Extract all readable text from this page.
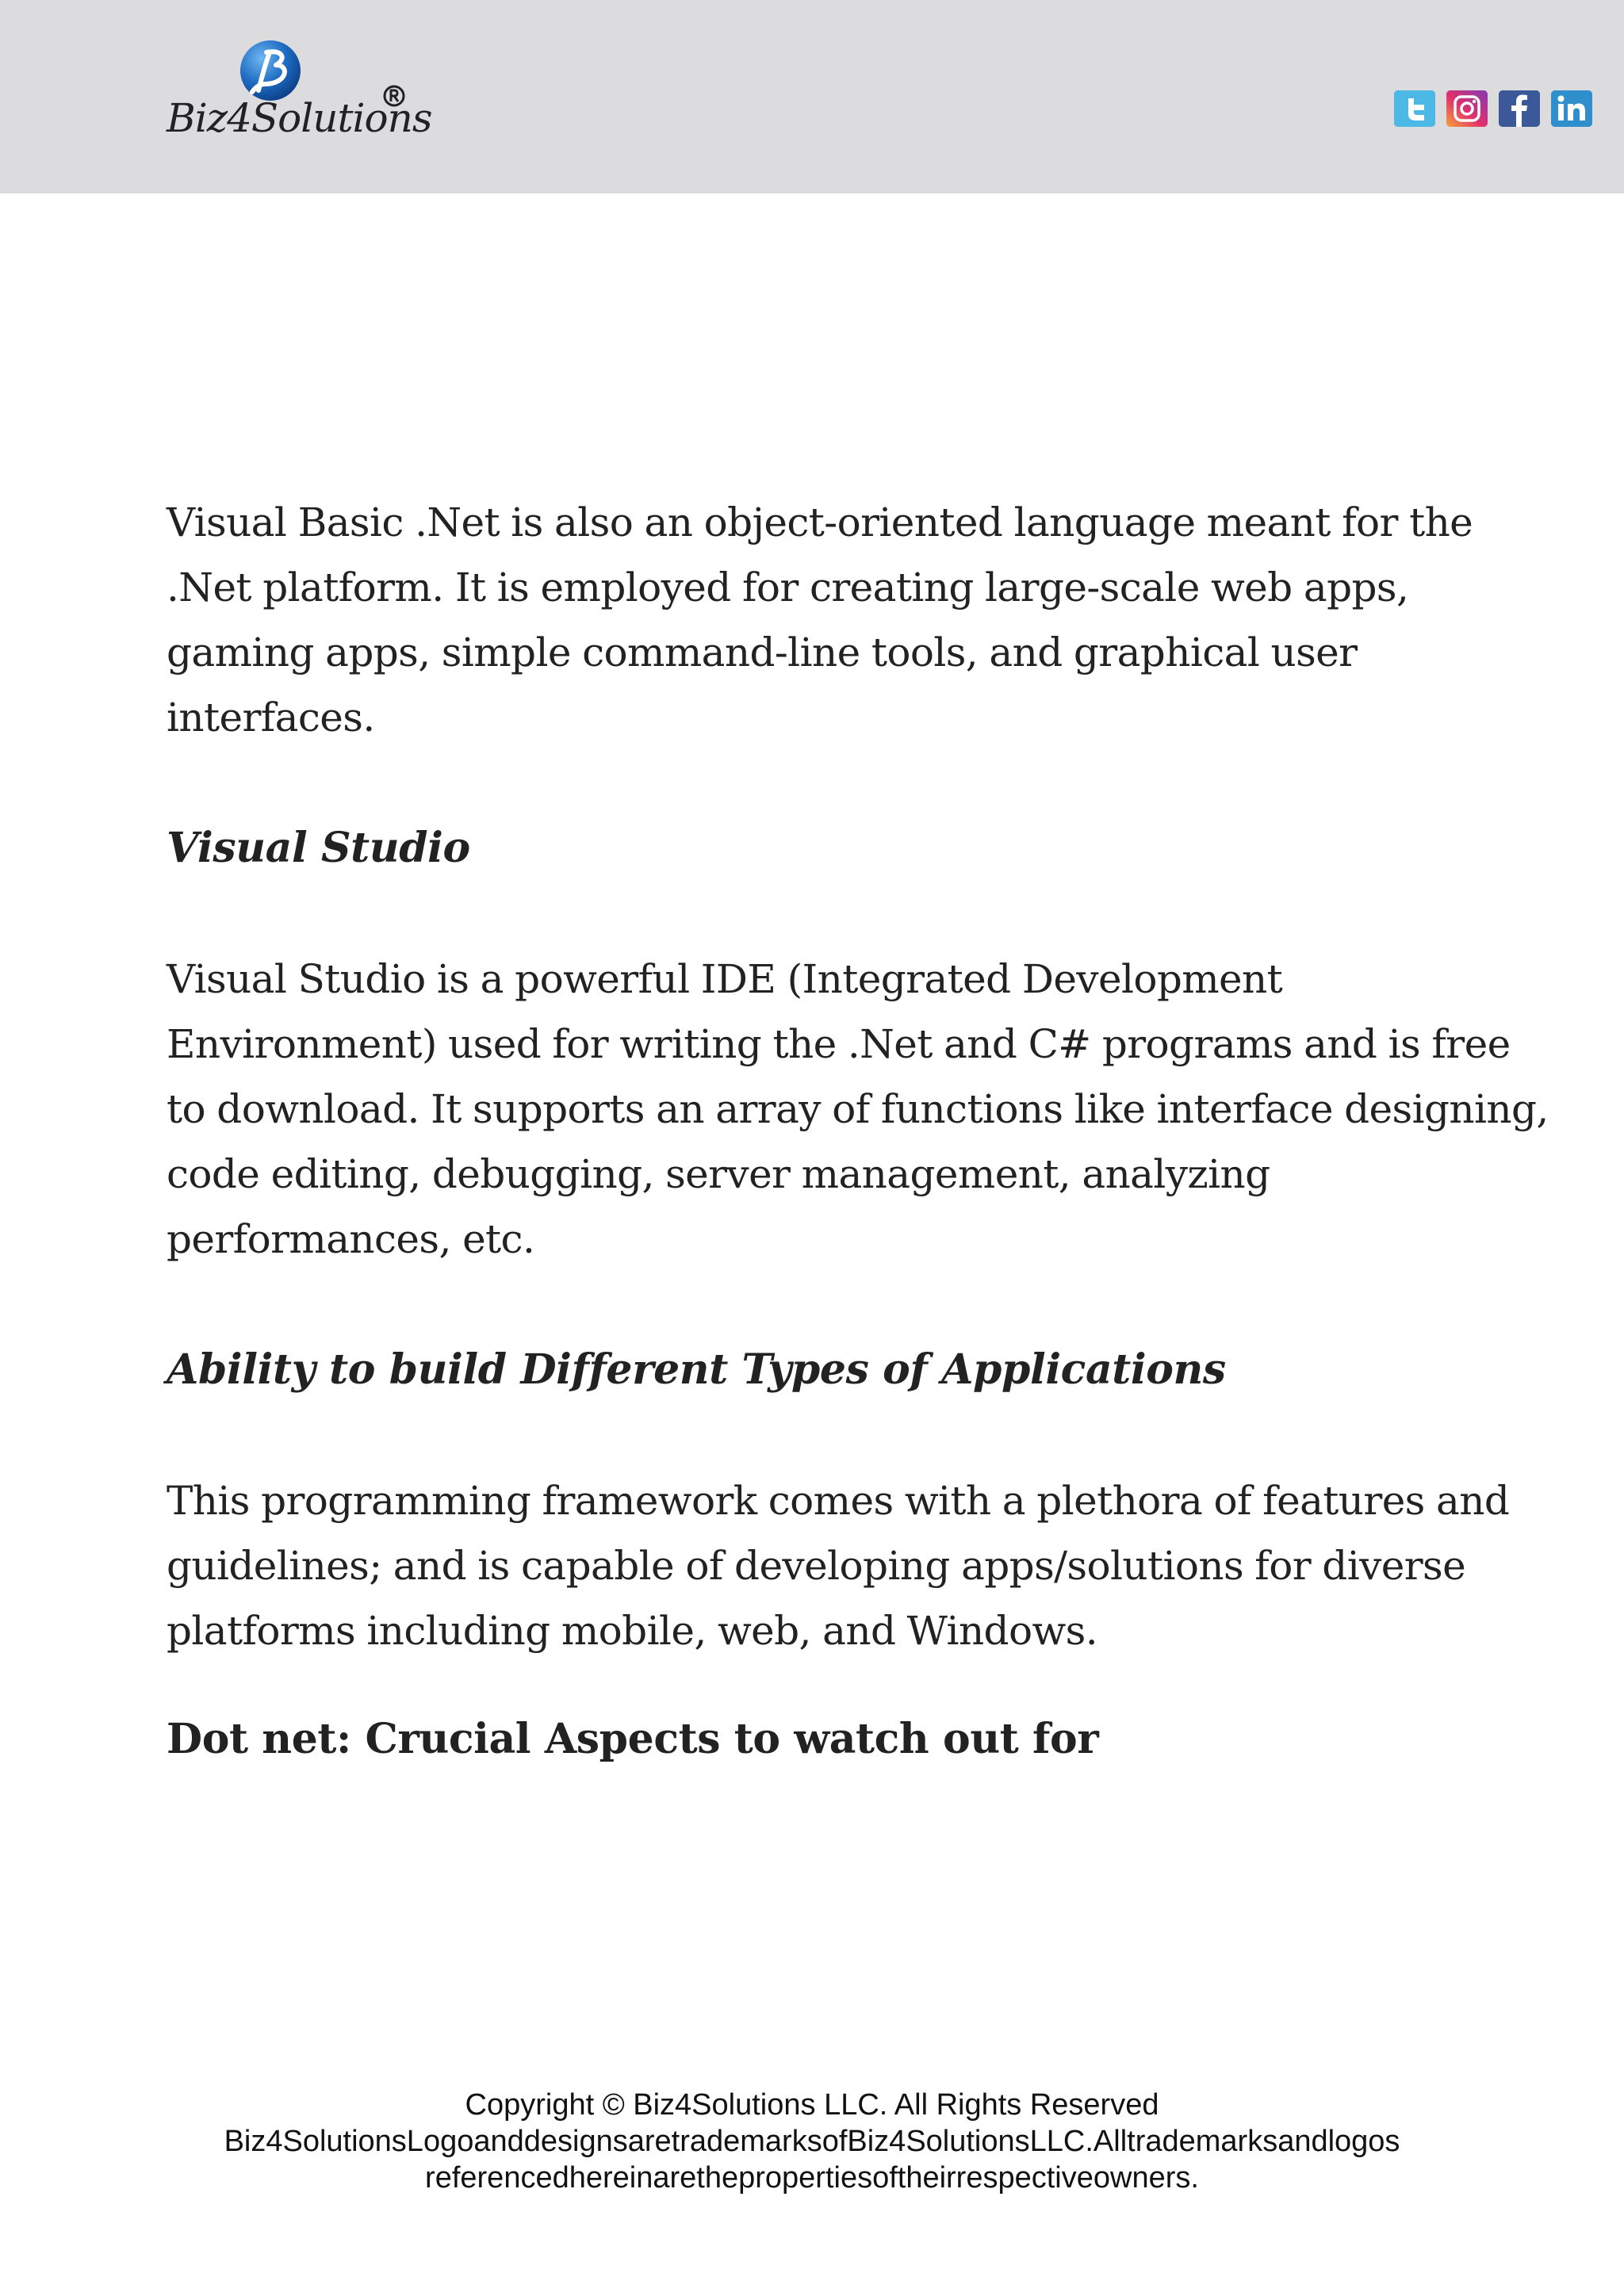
Biz4Solutions

Visual Basic .Net is also an object-oriented language meant for the .Net platform. It is employed for creating large-scale web apps, gaming apps, simple command-line tools, and graphical user interfaces.

Visual Studio

Visual Studio is a powerful IDE (Integrated Development Environment) used for writing the .Net and C# programs and is free to download. It supports an array of functions like interface designing, code editing, debugging, server management, analyzing performances, etc.

Ability to build Different Types of Applications

This programming framework comes with a plethora of features and guidelines; and is capable of developing apps/solutions for diverse platforms including mobile, web, and Windows.

Dot net: Crucial Aspects to watch out for
Copyright © Biz4Solutions LLC. All Rights Reserved
Biz4SolutionsLogoanddesignsaretrademarksofBiz4SolutionsLLC.Alltrademarksandlogos
referencedhereinarethepropertiesoftheirrespectiveowners.
